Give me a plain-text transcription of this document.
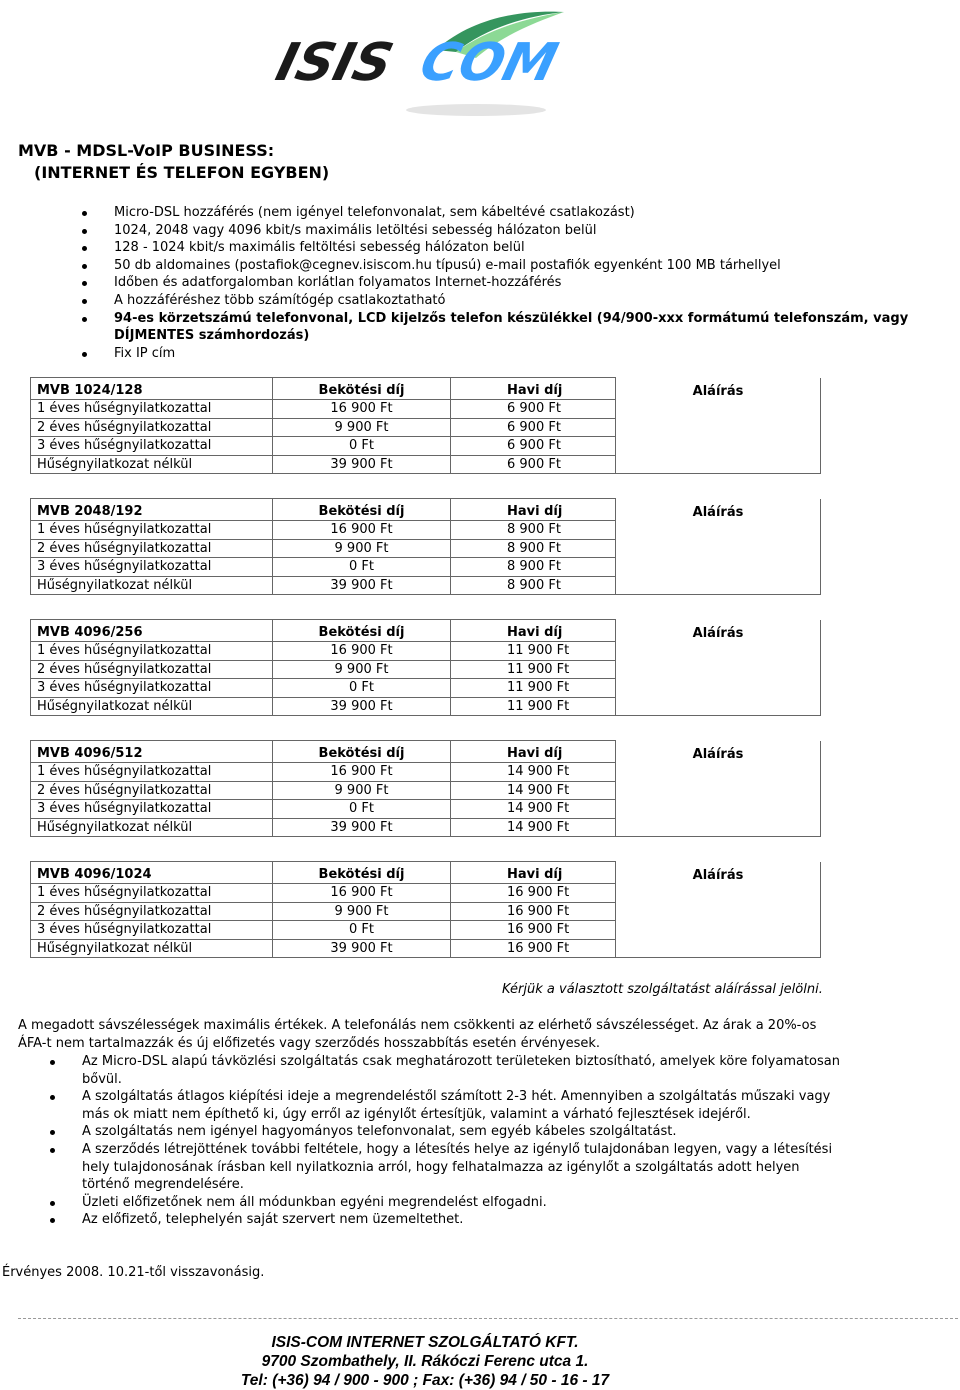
ISIS COM
MVB - MDSL-VoIP BUSINESS:
(INTERNET ÉS TELEFON EGYBEN)
Micro-DSL hozzáférés (nem igényel telefonvonalat, sem kábeltévé csatlakozást)
1024, 2048 vagy 4096 kbit/s maximális letöltési sebesség hálózaton belül
128 - 1024 kbit/s maximális feltöltési sebesség hálózaton belül
50 db aldomaines (postafiok@cegnev.isiscom.hu típusú) e-mail postafiók egyenként 100 MB tárhellyel
Időben és adatforgalomban korlátlan folyamatos Internet-hozzáférés
A hozzáféréshez több számítógép csatlakoztatható
94-es körzetszámú telefonvonal, LCD kijelzős telefon készülékkel (94/900-xxx formátumú telefonszám, vagy DÍJMENTES számhordozás)
Fix IP cím
MVB 1024/128	Bekötési díj	Havi díj	Aláírás
1 éves hűségnyilatkozattal	16 900 Ft	6 900 Ft	
2 éves hűségnyilatkozattal	9 900 Ft	6 900 Ft	
3 éves hűségnyilatkozattal	0 Ft	6 900 Ft	
Hűségnyilatkozat nélkül	39 900 Ft	6 900 Ft	
MVB 2048/192	Bekötési díj	Havi díj	Aláírás
1 éves hűségnyilatkozattal	16 900 Ft	8 900 Ft	
2 éves hűségnyilatkozattal	9 900 Ft	8 900 Ft	
3 éves hűségnyilatkozattal	0 Ft	8 900 Ft	
Hűségnyilatkozat nélkül	39 900 Ft	8 900 Ft	
MVB 4096/256	Bekötési díj	Havi díj	Aláírás
1 éves hűségnyilatkozattal	16 900 Ft	11 900 Ft	
2 éves hűségnyilatkozattal	9 900 Ft	11 900 Ft	
3 éves hűségnyilatkozattal	0 Ft	11 900 Ft	
Hűségnyilatkozat nélkül	39 900 Ft	11 900 Ft	
MVB 4096/512	Bekötési díj	Havi díj	Aláírás
1 éves hűségnyilatkozattal	16 900 Ft	14 900 Ft	
2 éves hűségnyilatkozattal	9 900 Ft	14 900 Ft	
3 éves hűségnyilatkozattal	0 Ft	14 900 Ft	
Hűségnyilatkozat nélkül	39 900 Ft	14 900 Ft	
MVB 4096/1024	Bekötési díj	Havi díj	Aláírás
1 éves hűségnyilatkozattal	16 900 Ft	16 900 Ft	
2 éves hűségnyilatkozattal	9 900 Ft	16 900 Ft	
3 éves hűségnyilatkozattal	0 Ft	16 900 Ft	
Hűségnyilatkozat nélkül	39 900 Ft	16 900 Ft	
Kérjük a választott szolgáltatást aláírással jelölni.
A megadott sávszélességek maximális értékek. A telefonálás nem csökkenti az elérhető sávszélességet. Az árak a 20%-os ÁFA-t nem tartalmazzák és új előfizetés vagy szerződés hosszabbítás esetén érvényesek.
Az Micro-DSL alapú távközlési szolgáltatás csak meghatározott területeken biztosítható, amelyek köre folyamatosan bővül.
A szolgáltatás átlagos kiépítési ideje a megrendeléstől számított 2-3 hét. Amennyiben a szolgáltatás műszaki vagy más ok miatt nem építhető ki, úgy erről az igénylőt értesítjük, valamint a várható fejlesztések idejéről.
A szolgáltatás nem igényel hagyományos telefonvonalat, sem egyéb kábeles szolgáltatást.
A szerződés létrejöttének további feltétele, hogy a létesítés helye az igénylő tulajdonában legyen, vagy a létesítési hely tulajdonosának írásban kell nyilatkoznia arról, hogy felhatalmazza az igénylőt a szolgáltatás adott helyen történő megrendelésére.
Üzleti előfizetőnek nem áll módunkban egyéni megrendelést elfogadni.
Az előfizető, telephelyén saját szervert nem üzemeltethet.
Érvényes 2008. 10.21-től visszavonásig.
ISIS-COM INTERNET SZOLGÁLTATÓ KFT.
9700 Szombathely, II. Rákóczi Ferenc utca 1.
Tel: (+36) 94 / 900 - 900 ; Fax: (+36) 94 / 50 - 16 - 17
